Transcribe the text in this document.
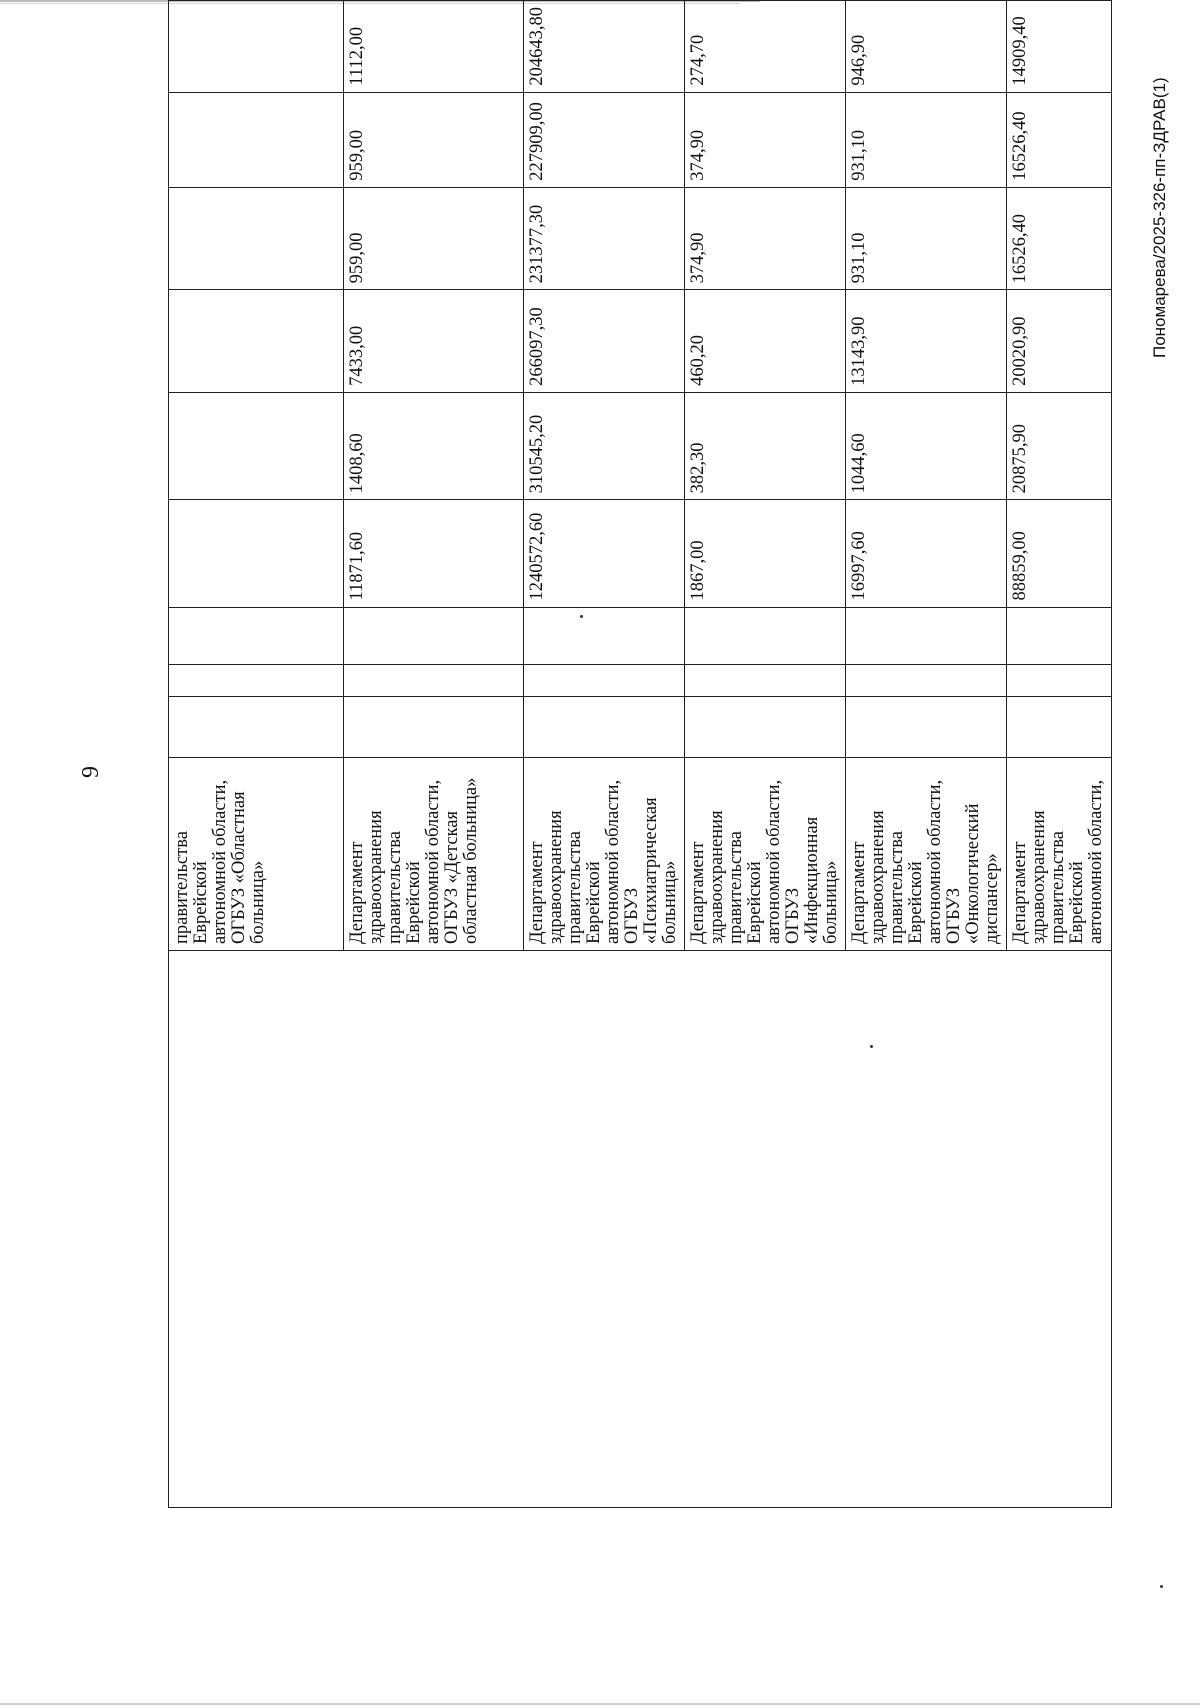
9
	правительства Еврейской автономной области, ОГБУЗ «Областная больница»									
	Департамент здравоохранения правительства Еврейской автономной области, ОГБУЗ «Детская областная больница»				11871,60	1408,60	7433,00	959,00	959,00	1112,00
	Департамент здравоохранения правительства Еврейской автономной области, ОГБУЗ «Психиатрическая больница»				1240572,60	310545,20	266097,30	231377,30	227909,00	204643,80
	Департамент здравоохранения правительства Еврейской автономной области, ОГБУЗ «Инфекционная больница»				1867,00	382,30	460,20	374,90	374,90	274,70
	Департамент здравоохранения правительства Еврейской автономной области, ОГБУЗ «Онкологический диспансер»				16997,60	1044,60	13143,90	931,10	931,10	946,90
	Департамент здравоохранения правительства Еврейской автономной области,				88859,00	20875,90	20020,90	16526,40	16526,40	14909,40
Пономарева/2025-326-пп-ЗДРАВ(1)
